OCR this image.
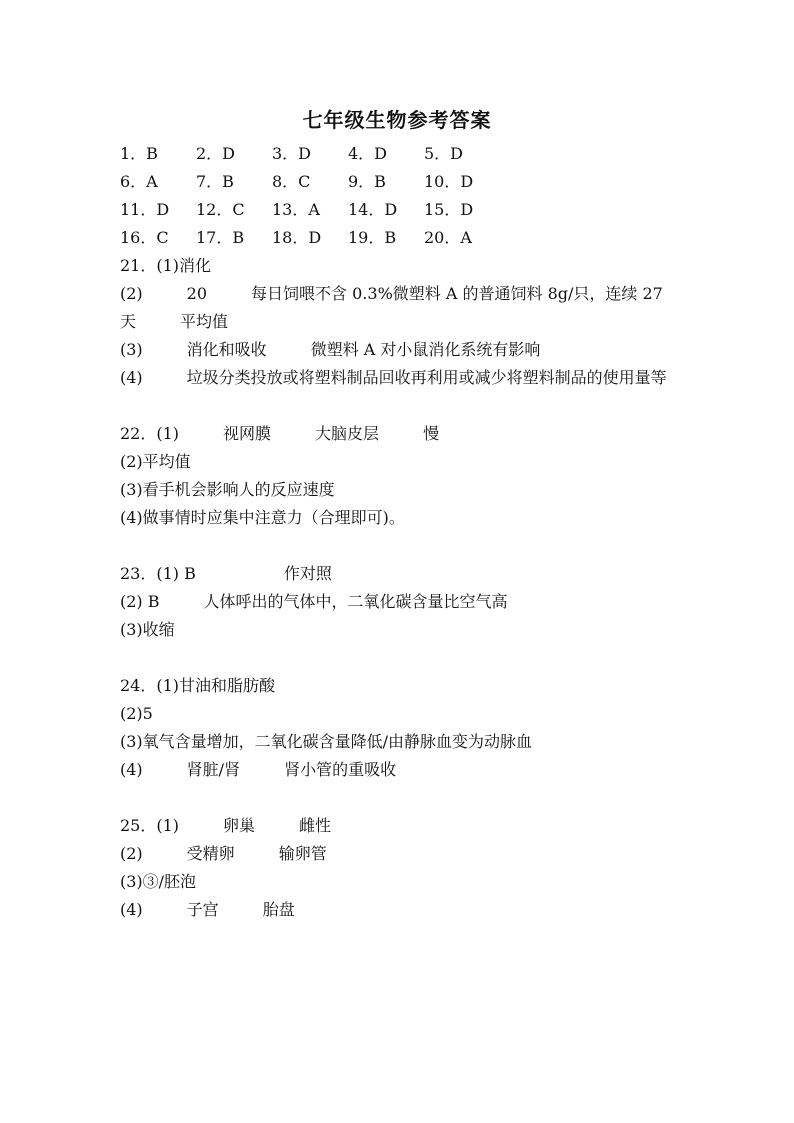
七年级生物参考答案
1．B	2．D	3．D	4．D	5．D
6．A	7．B	8．C	9．B	10．D
11．D	12．C	13．A	14．D	15．D
16．C	17．B	18．D	19．B	20．A
21．(1)消化
(2)	20	每日饲喂不含 0.3%微塑料 A 的普通饲料 8g/只，连续 27 天	平均值
(3)	消化和吸收	微塑料 A 对小鼠消化系统有影响
(4)	垃圾分类投放或将塑料制品回收再利用或减少将塑料制品的使用量等
22．(1)	视网膜	大脑皮层	慢
(2)平均值
(3)看手机会影响人的反应速度
(4)做事情时应集中注意力（合理即可)。
23．(1) B	作对照
(2) B	人体呼出的气体中，二氧化碳含量比空气高
(3)收缩
24．(1)甘油和脂肪酸
(2)5
(3)氧气含量增加，二氧化碳含量降低/由静脉血变为动脉血
(4)	肾脏/肾	肾小管的重吸收
25．(1)	卵巢	雌性
(2)	受精卵	输卵管
(3)③/胚泡
(4)	子宫	胎盘
